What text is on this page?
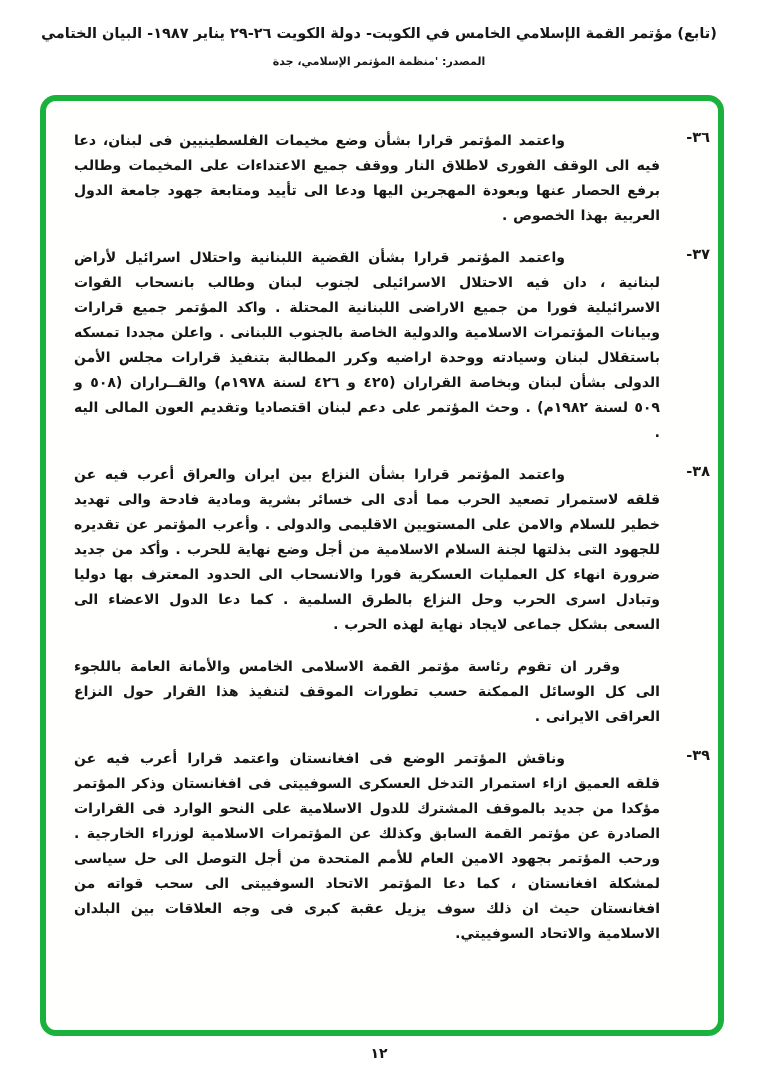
(تابع) مؤتمر القمة الإسلامي الخامس في الكويت- دولة الكويت ٢٦-٢٩ يناير ١٩٨٧- البيان الختامي
المصدر: 'منظمة المؤتمر الإسلامي، جدة
٣٦-
واعتمد المؤتمر قرارا بشأن وضع مخيمات الفلسطينيين فى لبنان، دعا فيه الى الوقف الفورى لاطلاق النار ووقف جميع الاعتداءات على المخيمات وطالب برفع الحصار عنها وبعودة المهجرين اليها ودعا الى تأييد ومتابعة جهود جامعة الدول العربية بهذا الخصوص .
٣٧-
واعتمد المؤتمر قرارا بشأن القضية اللبنانية واحتلال اسرائيل لأراض لبنانية ، دان فيه الاحتلال الاسرائيلى لجنوب لبنان وطالب بانسحاب القوات الاسرائيلية فورا من جميع الاراضى اللبنانية المحتلة . واكد المؤتمر جميع قرارات وبيانات المؤتمرات الاسلامية والدولية الخاصة بالجنوب اللبنانى . واعلن مجددا تمسكه باستقلال لبنان وسيادته ووحدة اراضيه وكرر المطالبة بتنفيذ قرارات مجلس الأمن الدولى بشأن لبنان وبخاصة القراران (٤٢٥ و ٤٢٦ لسنة ١٩٧٨م) والقــراران (٥٠٨ و ٥٠٩ لسنة ١٩٨٢م) . وحث المؤتمر على دعم لبنان اقتصاديا وتقديم العون المالى اليه .
٣٨-
واعتمد المؤتمر قرارا بشأن النزاع بين ايران والعراق أعرب فيه عن قلقه لاستمرار تصعيد الحرب مما أدى الى خسائر بشرية ومادية فادحة والى تهديد خطير للسلام والامن على المستويين الاقليمى والدولى . وأعرب المؤتمر عن تقديره للجهود التى بذلتها لجنة السلام الاسلامية من أجل وضع نهاية للحرب . وأكد من جديد ضرورة انهاء كل العمليات العسكرية فورا والانسحاب الى الحدود المعترف بها دوليا وتبادل اسرى الحرب وحل النزاع بالطرق السلمية . كما دعا الدول الاعضاء الى السعى بشكل جماعى لايجاد نهاية لهذه الحرب .
وقرر ان تقوم رئاسة مؤتمر القمة الاسلامى الخامس والأمانة العامة باللجوء الى كل الوسائل الممكنة حسب تطورات الموقف لتنفيذ هذا القرار حول النزاع العراقى الايرانى .
٣٩-
وناقش المؤتمر الوضع فى افغانستان واعتمد قرارا أعرب فيه عن قلقه العميق ازاء استمرار التدخل العسكرى السوفييتى فى افغانستان وذكر المؤتمر مؤكدا من جديد بالموقف المشترك للدول الاسلامية على النحو الوارد فى القرارات الصادرة عن مؤتمر القمة السابق وكذلك عن المؤتمرات الاسلامية لوزراء الخارجية . ورحب المؤتمر بجهود الامين العام للأمم المتحدة من أجل التوصل الى حل سياسى لمشكلة افغانستان ، كما دعا المؤتمر الاتحاد السوفييتى الى سحب قواته من افغانستان حيث ان ذلك سوف يزيل عقبة كبرى فى وجه العلاقات بين البلدان الاسلامية والاتحاد السوفييتي.
١٢
